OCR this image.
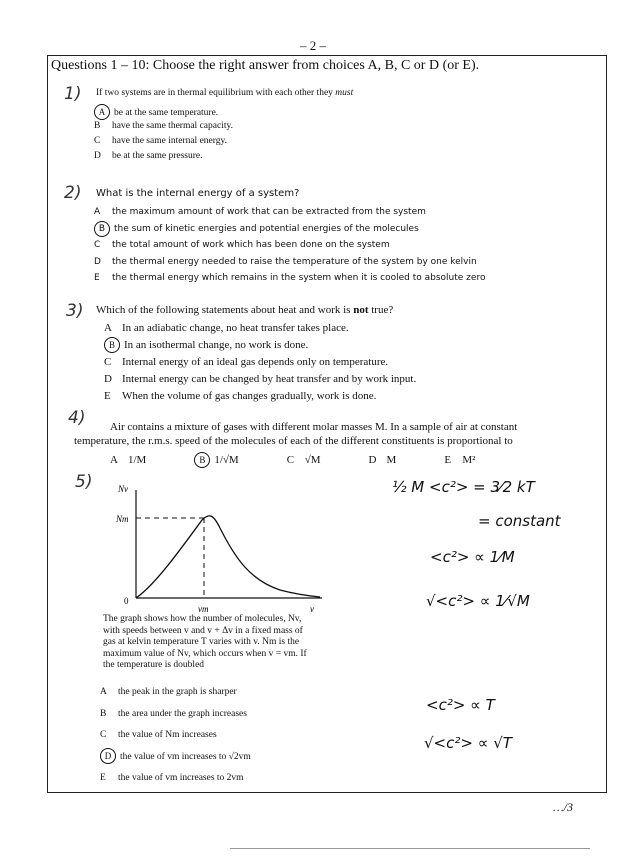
– 2 –
Questions 1 – 10: Choose the right answer from choices A, B, C or D (or E).
1) If two systems are in thermal equilibrium with each other they must
A be at the same temperature.
B have the same thermal capacity.
C have the same internal energy.
D be at the same pressure.
2) What is the internal energy of a system?
A the maximum amount of work that can be extracted from the system
B the sum of kinetic energies and potential energies of the molecules
C the total amount of work which has been done on the system
D the thermal energy needed to raise the temperature of the system by one kelvin
E the thermal energy which remains in the system when it is cooled to absolute zero
3) Which of the following statements about heat and work is not true?
A In an adiabatic change, no heat transfer takes place.
B In an isothermal change, no work is done.
C Internal energy of an ideal gas depends only on temperature.
D Internal energy can be changed by heat transfer and by work input.
E When the volume of gas changes gradually, work is done.
4) Air contains a mixture of gases with different molar masses M. In a sample of air at constant
temperature, the r.m.s. speed of the molecules of each of the different constituents is proportional to
A 1/M	B 1/√M	C √M	D M	E M²
5)	Nv
Nm
0
vm	v
The graph shows how the number of molecules, Nv,
with speeds between v and v + Δv in a fixed mass of
gas at kelvin temperature T varies with v. Nm is the
maximum value of Nv, which occurs when v = vm. If
the temperature is doubled
A the peak in the graph is sharper
B the area under the graph increases
C the value of Nm increases
D the value of vm increases to √2vm
E the value of vm increases to 2vm
½ M <c²> = 3⁄2 kT
= constant
<c²> ∝ 1⁄M
√<c²> ∝ 1⁄√M
<c²> ∝ T
√<c²> ∝ √T
…/3
